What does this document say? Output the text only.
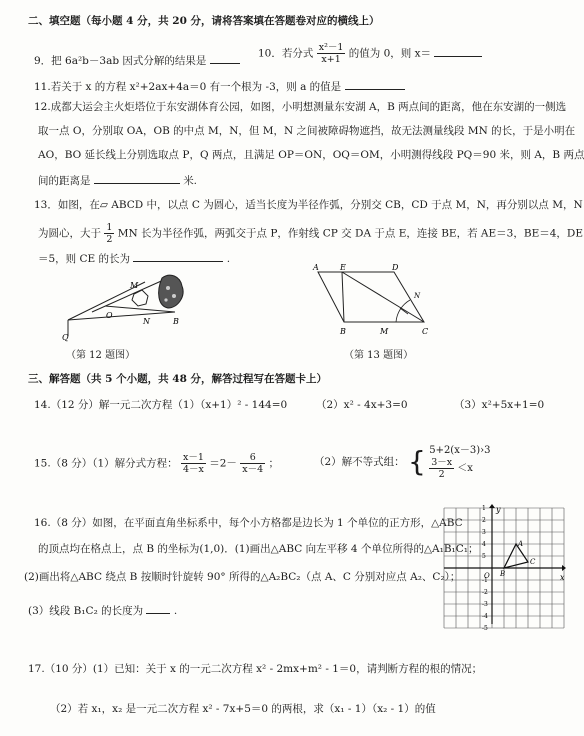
二、填空题（每小题 4 分，共 20 分，请将答案填在答题卷对应的横线上）
9．把 6a²b－3ab 因式分解的结果是
10．若分式 $\frac{\text{x²－1}}{x+1}$ 的值为 0，则 x＝
11.若关于 x 的方程 x²+2ax+4a＝0 有一个根为 -3，则 a 的值是
12.成都大运会主火炬塔位于东安湖体育公园，如图，小明想测量东安湖 A，B 两点间的距离，他在东安湖的一侧选
取一点 O，分别取 OA，OB 的中点 M，N，但 M，N 之间被障碍物遮挡，故无法测量线段 MN 的长，于是小明在
AO，BO 延长线上分别选取点 P，Q 两点，且满足 OP＝ON，OQ＝OM，小明测得线段 PQ＝90 米，则 A，B 两点
间的距离是	米.
13．如图，在▱ ABCD 中，以点 C 为圆心，适当长度为半径作弧，分别交 CB，CD 于点 M，N，再分别以点 M，N
为圆心，大于 $\frac{1}{2}$ MN 长为半径作弧，两弧交于点 P，作射线 CP 交 DA 于点 E，连接 BE，若 AE＝3，BE＝4，DE
＝5，则 CE 的长为	.
M
O
N	B
Q
（第 12 题图）
A	E	D
N
B	M	C
（第 13 题图）
三、解答题（共 5 个小题，共 48 分，解答过程写在答题卡上）
14.（12 分）解一元二次方程（1）（x+1）² - 144=0	（2）x² - 4x+3=0	（3）x²+5x+1=0
15.（8 分）（1）解分式方程： $\frac{x-1}{4-x} =2- \frac{6}{x-4}$ ；	（2）解不等式组： { 5+2(x－3)›3
$\frac{3-x}{2} <x$
16.（8 分）如图，在平面直角坐标系中，每个小方格都是边长为 1 个单位的正方形，△ABC
的顶点均在格点上，点 B 的坐标为(1,0)．(1)画出△ABC 向左平移 4 个单位所得的△A₁B₁C₁；
(2)画出将△ABC 绕点 B 按顺时针旋转 90° 所得的△A₂BC₂（点 A、C 分别对应点 A₂、C₂）；
(3）线段 B₁C₂ 的长度为	.
y
x
O
A
B
C
5
4
3
2
1
-1
-2
-3
-4
-5
17.（10 分）(1）已知：关于 x 的一元二次方程 x² - 2mx+m² - 1＝0，请判断方程的根的情况；
（2）若 x₁，x₂ 是一元二次方程 x² - 7x+5＝0 的两根，求（x₁ - 1）（x₂ - 1）的值
